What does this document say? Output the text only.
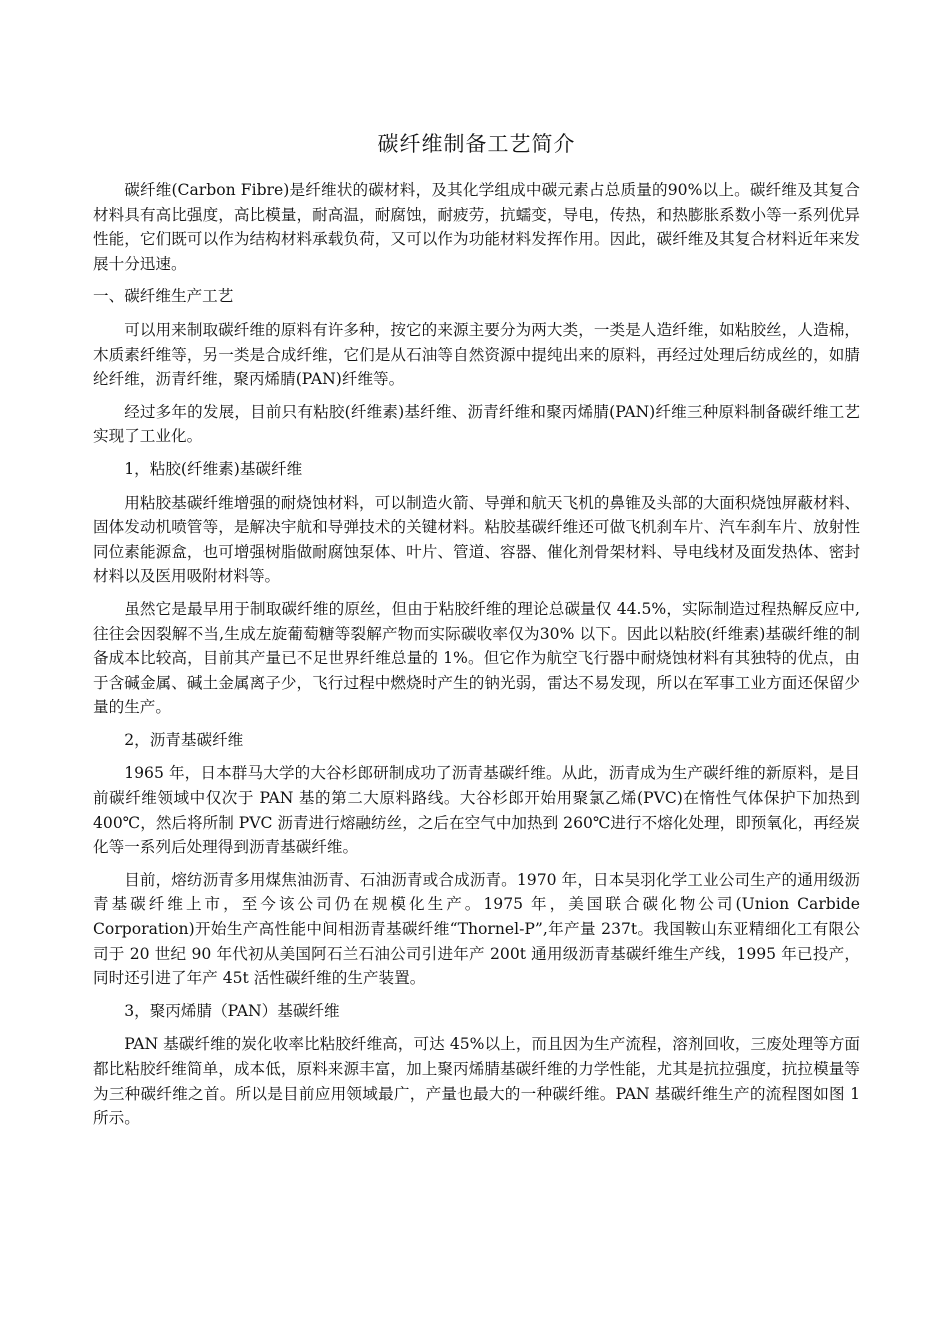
碳纤维制备工艺简介

碳纤维(Carbon Fibre)是纤维状的碳材料，及其化学组成中碳元素占总质量的90%以上。碳纤维及其复合材料具有高比强度，高比模量，耐高温，耐腐蚀，耐疲劳，抗蠕变，导电，传热，和热膨胀系数小等一系列优异性能，它们既可以作为结构材料承载负荷，又可以作为功能材料发挥作用。因此，碳纤维及其复合材料近年来发展十分迅速。

一、碳纤维生产工艺

可以用来制取碳纤维的原料有许多种，按它的来源主要分为两大类，一类是人造纤维，如粘胶丝，人造棉，木质素纤维等，另一类是合成纤维，它们是从石油等自然资源中提纯出来的原料，再经过处理后纺成丝的，如腈纶纤维，沥青纤维，聚丙烯腈(PAN)纤维等。

经过多年的发展，目前只有粘胶(纤维素)基纤维、沥青纤维和聚丙烯腈(PAN)纤维三种原料制备碳纤维工艺实现了工业化。

1，粘胶(纤维素)基碳纤维

用粘胶基碳纤维增强的耐烧蚀材料，可以制造火箭、导弹和航天飞机的鼻锥及头部的大面积烧蚀屏蔽材料、固体发动机喷管等，是解决宇航和导弹技术的关键材料。粘胶基碳纤维还可做飞机刹车片、汽车刹车片、放射性同位素能源盒，也可增强树脂做耐腐蚀泵体、叶片、管道、容器、催化剂骨架材料、导电线材及面发热体、密封材料以及医用吸附材料等。

虽然它是最早用于制取碳纤维的原丝，但由于粘胶纤维的理论总碳量仅 44.5%，实际制造过程热解反应中,往往会因裂解不当,生成左旋葡萄糖等裂解产物而实际碳收率仅为30% 以下。因此以粘胶(纤维素)基碳纤维的制备成本比较高，目前其产量已不足世界纤维总量的 1%。但它作为航空飞行器中耐烧蚀材料有其独特的优点，由于含碱金属、碱土金属离子少，飞行过程中燃烧时产生的钠光弱，雷达不易发现，所以在军事工业方面还保留少量的生产。

2，沥青基碳纤维

1965 年，日本群马大学的大谷杉郎研制成功了沥青基碳纤维。从此，沥青成为生产碳纤维的新原料，是目前碳纤维领域中仅次于 PAN 基的第二大原料路线。大谷杉郎开始用聚氯乙烯(PVC)在惰性气体保护下加热到 400℃，然后将所制 PVC 沥青进行熔融纺丝，之后在空气中加热到 260℃进行不熔化处理，即预氧化，再经炭化等一系列后处理得到沥青基碳纤维。

目前，熔纺沥青多用煤焦油沥青、石油沥青或合成沥青。1970 年，日本吴羽化学工业公司生产的通用级沥青基碳纤维上市，至今该公司仍在规模化生产。1975 年，美国联合碳化物公司(Union Carbide Corporation)开始生产高性能中间相沥青基碳纤维“Thornel-P”,年产量 237t。我国鞍山东亚精细化工有限公司于 20 世纪 90 年代初从美国阿石兰石油公司引进年产 200t 通用级沥青基碳纤维生产线，1995 年已投产，同时还引进了年产 45t 活性碳纤维的生产装置。

3，聚丙烯腈（PAN）基碳纤维

PAN 基碳纤维的炭化收率比粘胶纤维高，可达 45%以上，而且因为生产流程，溶剂回收，三废处理等方面都比粘胶纤维简单，成本低，原料来源丰富，加上聚丙烯腈基碳纤维的力学性能，尤其是抗拉强度，抗拉模量等为三种碳纤维之首。所以是目前应用领域最广，产量也最大的一种碳纤维。PAN 基碳纤维生产的流程图如图 1 所示。
